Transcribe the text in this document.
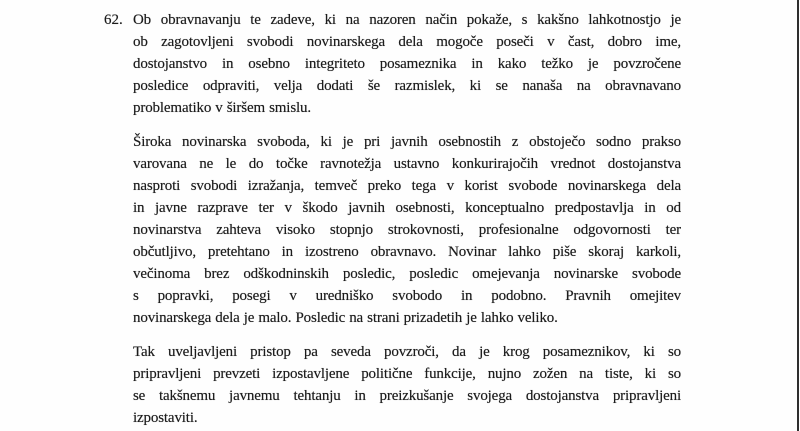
62. Ob obravnavanju te zadeve, ki na nazoren način pokaže, s kakšno lahkotnostjo je
ob zagotovljeni svobodi novinarskega dela mogoče poseči v čast, dobro ime,
dostojanstvo in osebno integriteto posameznika in kako težko je povzročene
posledice odpraviti, velja dodati še razmislek, ki se nanaša na obravnavano
problematiko v širšem smislu.
Široka novinarska svoboda, ki je pri javnih osebnostih z obstoječo sodno prakso
varovana ne le do točke ravnotežja ustavno konkurirajočih vrednot dostojanstva
nasproti svobodi izražanja, temveč preko tega v korist svobode novinarskega dela
in javne razprave ter v škodo javnih osebnosti, konceptualno predpostavlja in od
novinarstva zahteva visoko stopnjo strokovnosti, profesionalne odgovornosti ter
občutljivo, pretehtano in izostreno obravnavo. Novinar lahko piše skoraj karkoli,
večinoma brez odškodninskih posledic, posledic omejevanja novinarske svobode
s popravki, posegi v uredniško svobodo in podobno. Pravnih omejitev
novinarskega dela je malo. Posledic na strani prizadetih je lahko veliko.
Tak uveljavljeni pristop pa seveda povzroči, da je krog posameznikov, ki so
pripravljeni prevzeti izpostavljene politične funkcije, nujno zožen na tiste, ki so
se takšnemu javnemu tehtanju in preizkušanje svojega dostojanstva pripravljeni
izpostaviti.
